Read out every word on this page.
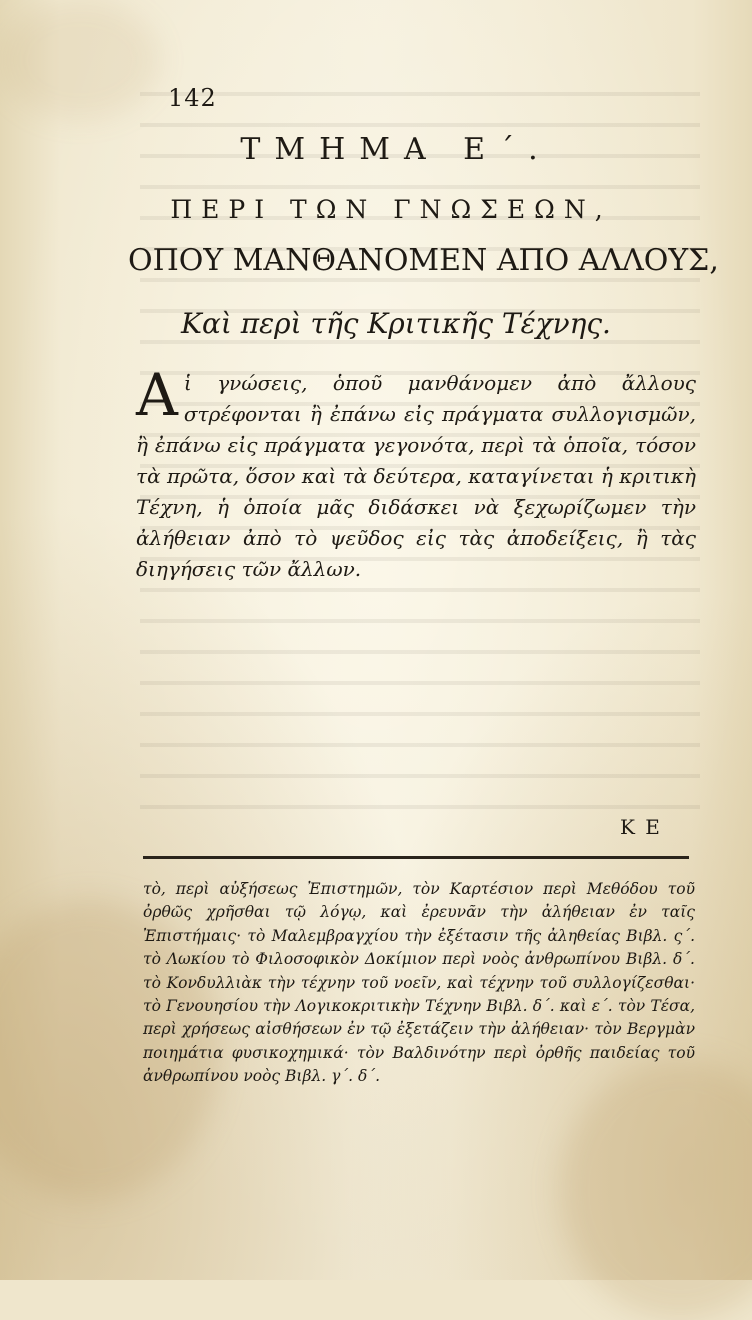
142
ΤΜΗΜΑ Ε΄.
ΠΕΡΙ ΤΩΝ ΓΝΩΣΕΩΝ,
ΟΠΟΥ ΜΑΝΘΑΝΟΜΕΝ ΑΠΟ ΑΛΛΟΥΣ,
Καὶ περὶ τῆς Κριτικῆς Τέχνης.
Αἱ γνώσεις, ὁποῦ μανθάνομεν ἀπὸ ἄλλους στρέφονται ἢ ἐπάνω εἰς πράγματα συλλογισμῶν, ἢ ἐπάνω εἰς πράγματα γεγονότα, περὶ τὰ ὁποῖα, τόσον τὰ πρῶτα, ὅσον καὶ τὰ δεύτερα, καταγίνεται ἡ κριτικὴ Τέχνη, ἡ ὁποία μᾶς διδάσκει νὰ ξεχωρίζωμεν τὴν ἀλήθειαν ἀπὸ τὸ ψεῦδος εἰς τὰς ἀποδείξεις, ἢ τὰς διηγήσεις τῶν ἄλλων.
Κ Ε
τὸ, περὶ αὐξήσεως Ἐπιστημῶν, τὸν Καρτέσιον περὶ Μεθόδου τοῦ ὀρθῶς χρῆσθαι τῷ λόγῳ, καὶ ἐρευνᾶν τὴν ἀλήθειαν ἐν ταῖς Ἐπιστήμαις· τὸ Μαλεμβραγχίου τὴν ἐξέτασιν τῆς ἀληθείας Βιβλ. ς΄. τὸ Λωκίου τὸ Φιλοσοφικὸν Δοκίμιον περὶ νοὸς ἀνθρωπίνου Βιβλ. δ΄. τὸ Κονδυλλιὰκ τὴν τέχνην τοῦ νοεῖν, καὶ τέχνην τοῦ συλλογίζεσθαι· τὸ Γενουησίου τὴν Λογικοκριτικὴν Τέχνην Βιβλ. δ΄. καὶ ε΄. τὸν Τέσα, περὶ χρήσεως αἰσθήσεων ἐν τῷ ἐξετάζειν τὴν ἀλήθειαν· τὸν Βεργμὰν ποιημάτια φυσικοχημικά· τὸν Βαλδινότην περὶ ὀρθῆς παιδείας τοῦ ἀνθρωπίνου νοὸς Βιβλ. γ΄. δ΄.
